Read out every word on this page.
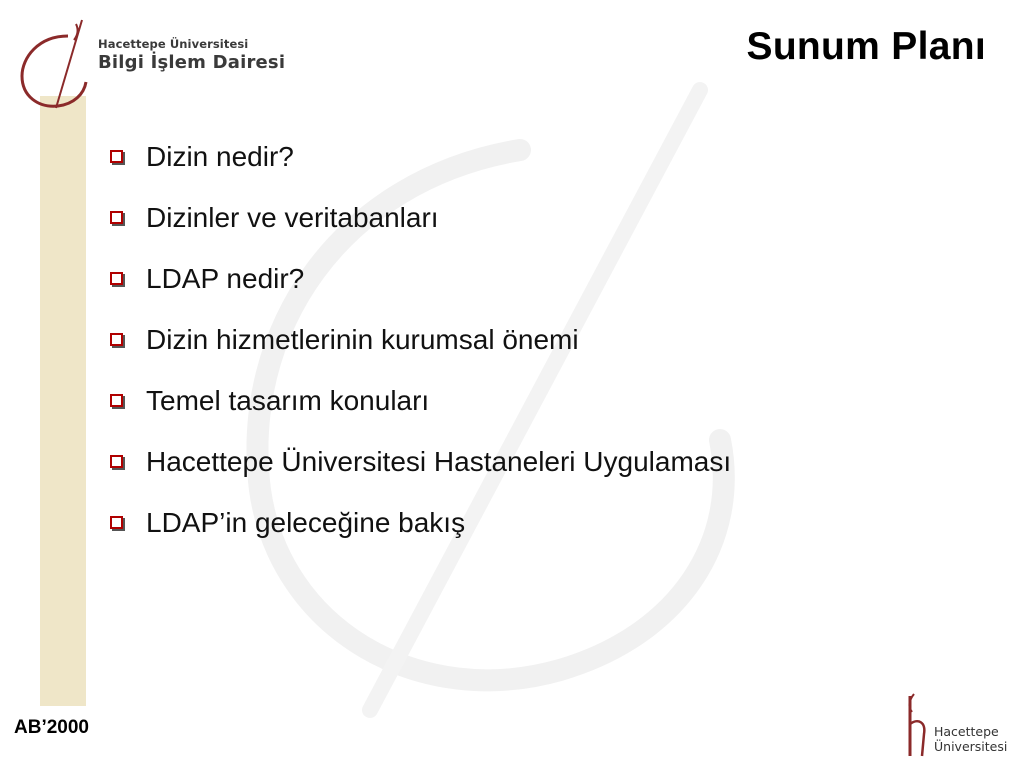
Hacettepe Üniversitesi
Bilgi İşlem Dairesi	Sunum Planı
Dizin nedir?
Dizinler ve veritabanları
LDAP nedir?
Dizin hizmetlerinin kurumsal önemi
Temel tasarım konuları
Hacettepe Üniversitesi Hastaneleri Uygulaması
LDAP’in geleceğine bakış
AB’2000	Hacettepe
Üniversitesi
